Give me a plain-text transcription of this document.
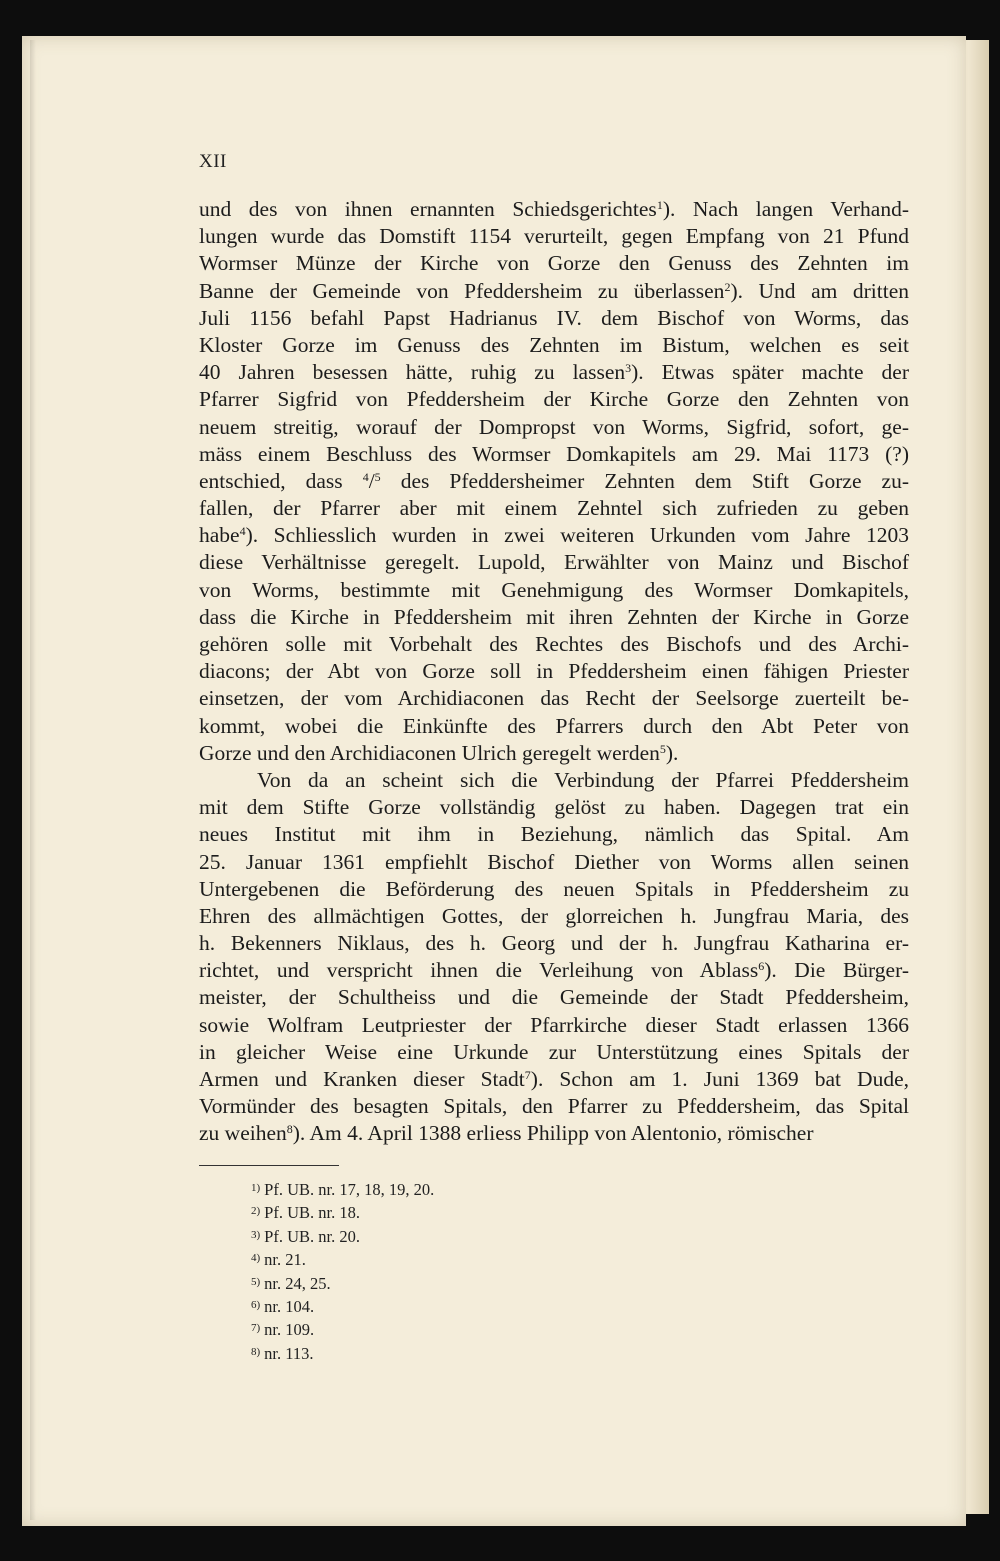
XII
und des von ihnen ernannten Schiedsgerichtes$^1$). Nach langen Verhand-
lungen wurde das Domstift 1154 verurteilt, gegen Empfang von 21 Pfund
Wormser Münze der Kirche von Gorze den Genuss des Zehnten im
Banne der Gemeinde von Pfeddersheim zu überlassen$^2$). Und am dritten
Juli 1156 befahl Papst Hadrianus IV. dem Bischof von Worms, das
Kloster Gorze im Genuss des Zehnten im Bistum, welchen es seit
40 Jahren besessen hätte, ruhig zu lassen$^3$). Etwas später machte der
Pfarrer Sigfrid von Pfeddersheim der Kirche Gorze den Zehnten von
neuem streitig, worauf der Dompropst von Worms, Sigfrid, sofort, ge-
mäss einem Beschluss des Wormser Domkapitels am 29. Mai 1173 (?)
entschied, dass $^4$/$^5$ des Pfeddersheimer Zehnten dem Stift Gorze zu-
fallen, der Pfarrer aber mit einem Zehntel sich zufrieden zu geben
habe$^4$). Schliesslich wurden in zwei weiteren Urkunden vom Jahre 1203
diese Verhältnisse geregelt. Lupold, Erwählter von Mainz und Bischof
von Worms, bestimmte mit Genehmigung des Wormser Domkapitels,
dass die Kirche in Pfeddersheim mit ihren Zehnten der Kirche in Gorze
gehören solle mit Vorbehalt des Rechtes des Bischofs und des Archi-
diacons; der Abt von Gorze soll in Pfeddersheim einen fähigen Priester
einsetzen, der vom Archidiaconen das Recht der Seelsorge zuerteilt be-
kommt, wobei die Einkünfte des Pfarrers durch den Abt Peter von
Gorze und den Archidiaconen Ulrich geregelt werden$^5$).
Von da an scheint sich die Verbindung der Pfarrei Pfeddersheim
mit dem Stifte Gorze vollständig gelöst zu haben. Dagegen trat ein
neues Institut mit ihm in Beziehung, nämlich das Spital. Am
25. Januar 1361 empfiehlt Bischof Diether von Worms allen seinen
Untergebenen die Beförderung des neuen Spitals in Pfeddersheim zu
Ehren des allmächtigen Gottes, der glorreichen h. Jungfrau Maria, des
h. Bekenners Niklaus, des h. Georg und der h. Jungfrau Katharina er-
richtet, und verspricht ihnen die Verleihung von Ablass$^6$). Die Bürger-
meister, der Schultheiss und die Gemeinde der Stadt Pfeddersheim,
sowie Wolfram Leutpriester der Pfarrkirche dieser Stadt erlassen 1366
in gleicher Weise eine Urkunde zur Unterstützung eines Spitals der
Armen und Kranken dieser Stadt$^7$). Schon am 1. Juni 1369 bat Dude,
Vormünder des besagten Spitals, den Pfarrer zu Pfeddersheim, das Spital
zu weihen$^8$). Am 4. April 1388 erliess Philipp von Alentonio, römischer
$^{1)}$ Pf. UB. nr. 17, 18, 19, 20.
$^{2)}$ Pf. UB. nr. 18.
$^{3)}$ Pf. UB. nr. 20.
$^{4)}$ nr. 21.
$^{5)}$ nr. 24, 25.
$^{6)}$ nr. 104.
$^{7)}$ nr. 109.
$^{8)}$ nr. 113.
